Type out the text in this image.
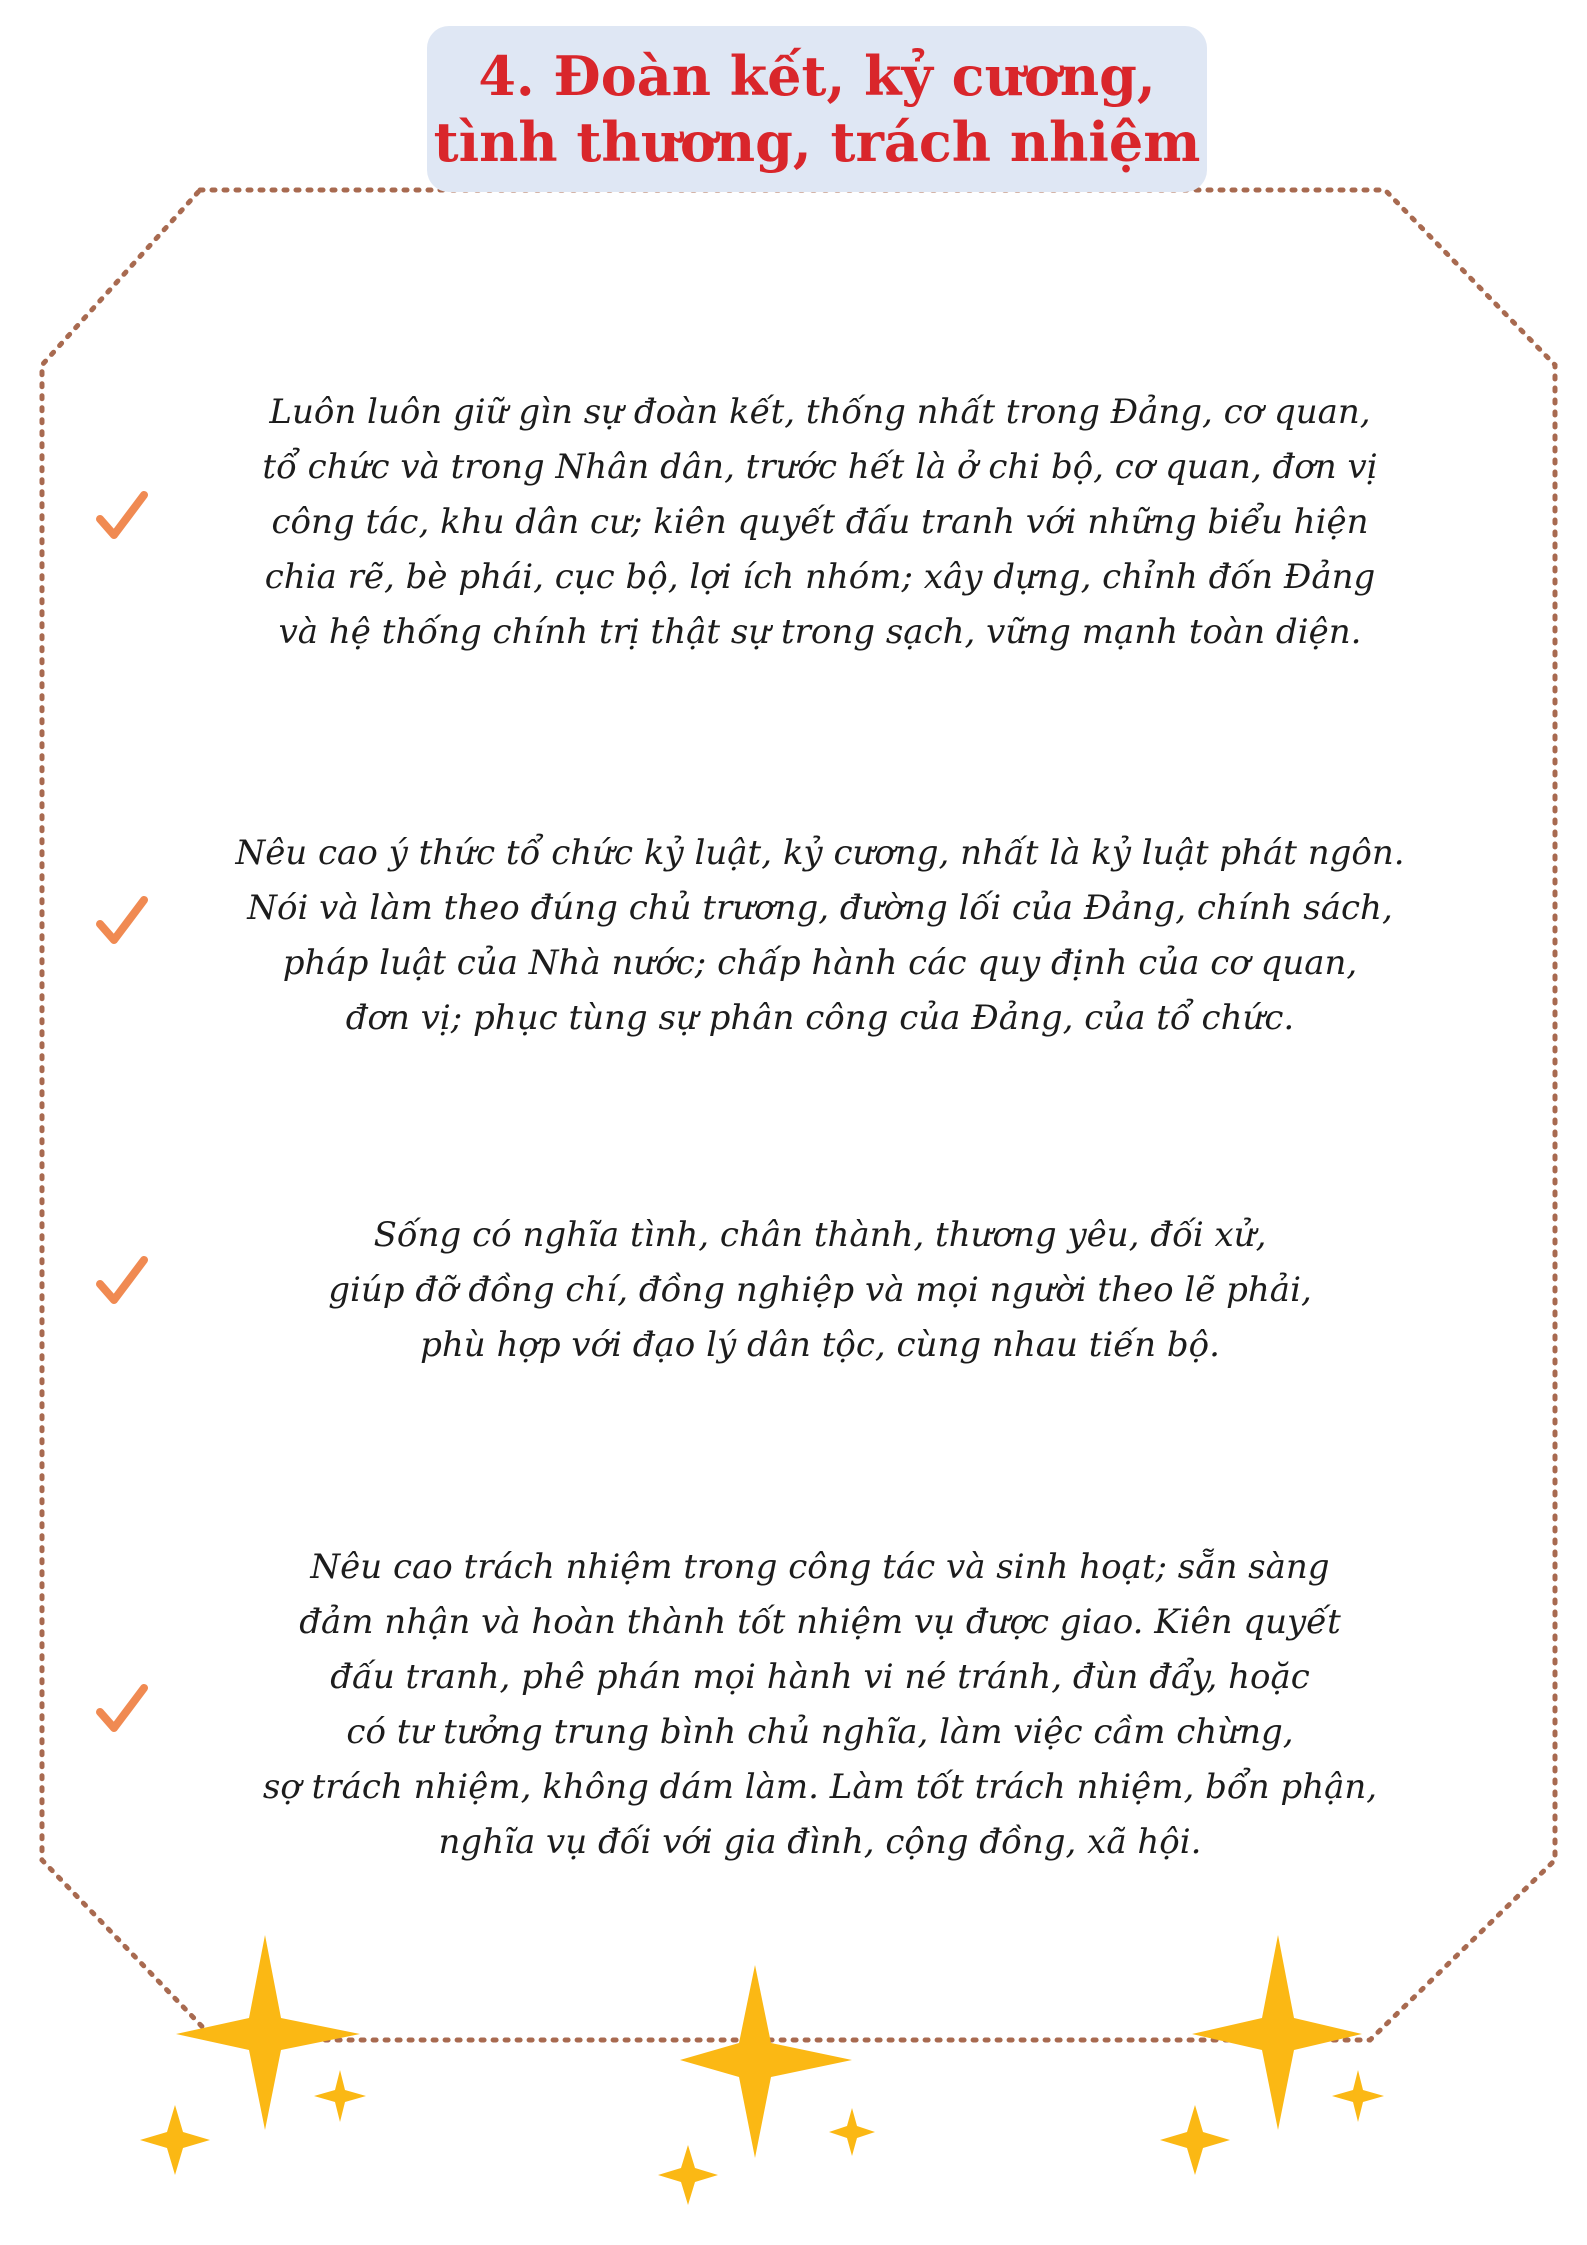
4. Đoàn kết, kỷ cương,

tình thương, trách nhiệm

Luôn luôn giữ gìn sự đoàn kết, thống nhất trong Đảng, cơ quan,
tổ chức và trong Nhân dân, trước hết là ở chi bộ, cơ quan, đơn vị
công tác, khu dân cư; kiên quyết đấu tranh với những biểu hiện
chia rẽ, bè phái, cục bộ, lợi ích nhóm; xây dựng, chỉnh đốn Đảng
và hệ thống chính trị thật sự trong sạch, vững mạnh toàn diện.

Nêu cao ý thức tổ chức kỷ luật, kỷ cương, nhất là kỷ luật phát ngôn.
Nói và làm theo đúng chủ trương, đường lối của Đảng, chính sách,
pháp luật của Nhà nước; chấp hành các quy định của cơ quan,
đơn vị; phục tùng sự phân công của Đảng, của tổ chức.

Sống có nghĩa tình, chân thành, thương yêu, đối xử,
giúp đỡ đồng chí, đồng nghiệp và mọi người theo lẽ phải,
phù hợp với đạo lý dân tộc, cùng nhau tiến bộ.

Nêu cao trách nhiệm trong công tác và sinh hoạt; sẵn sàng
đảm nhận và hoàn thành tốt nhiệm vụ được giao. Kiên quyết
đấu tranh, phê phán mọi hành vi né tránh, đùn đẩy, hoặc
có tư tưởng trung bình chủ nghĩa, làm việc cầm chừng,
sợ trách nhiệm, không dám làm. Làm tốt trách nhiệm, bổn phận,
nghĩa vụ đối với gia đình, cộng đồng, xã hội.
